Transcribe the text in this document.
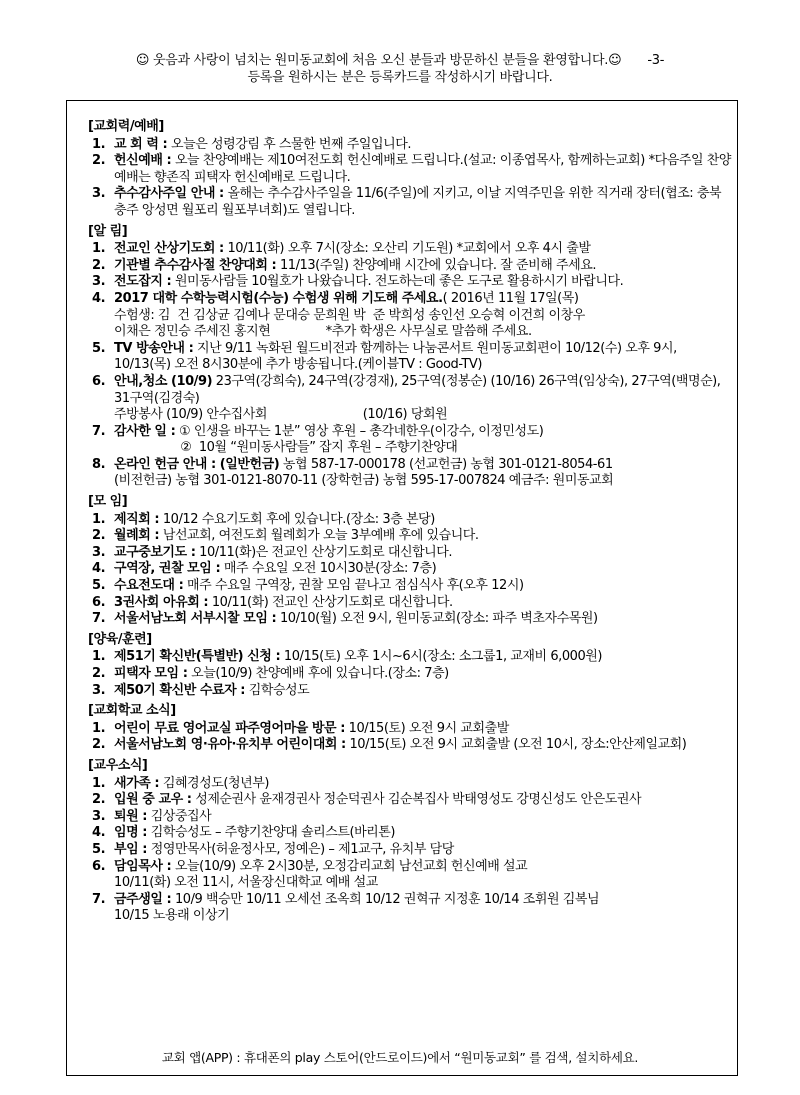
☺ 웃음과 사랑이 넘치는 원미동교회에 처음 오신 분들과 방문하신 분들을 환영합니다.☺ -3-
등록을 원하시는 분은 등록카드를 작성하시기 바랍니다.
[교회력/예배]
1. 교 회 력 : 오늘은 성령강림 후 스물한 번째 주일입니다.
2. 헌신예배 : 오늘 찬양예배는 제10여전도회 헌신예배로 드립니다.(설교: 이종엽목사, 함께하는교회) *다음주일 찬양예배는 향존직 피택자 헌신예배로 드립니다.
3. 추수감사주일 안내 : 올해는 추수감사주일을 11/6(주일)에 지키고, 이날 지역주민을 위한 직거래 장터(협조: 충북 충주 앙성면 월포리 월포부녀회)도 열립니다.
[알 림]
1. 전교인 산상기도회 : 10/11(화) 오후 7시(장소: 오산리 기도원) *교회에서 오후 4시 출발
2. 기관별 추수감사절 찬양대회 : 11/13(주일) 찬양예배 시간에 있습니다. 잘 준비해 주세요.
3. 전도잡지 : 원미동사람들 10월호가 나왔습니다. 전도하는데 좋은 도구로 활용하시기 바랍니다.
4. 2017 대학 수학능력시험(수능) 수험생 위해 기도해 주세요.( 2016년 11월 17일(목)
수험생: 김  건 김상균 김예나 문대승 문희원 박  준 박희성 송인선 오승혁 이건희 이창우
이채은 정민승 주세진 홍지현               *추가 학생은 사무실로 말씀해 주세요.
5. TV 방송안내 : 지난 9/11 녹화된 월드비전과 함께하는 나눔콘서트 원미동교회편이 10/12(수) 오후 9시, 10/13(목) 오전 8시30분에 추가 방송됩니다.(케이블TV : Good-TV)
6. 안내,청소 (10/9) 23구역(강희숙), 24구역(강경재), 25구역(정봉순) (10/16) 26구역(임상숙), 27구역(백명순), 31구역(김경숙)
주방봉사 (10/9) 안수집사회                          (10/16) 당회원
7. 감사한 일 : ① 인생을 바꾸는 1분” 영상 후원 – 총각네한우(이강수, 이정민성도)
②  10월 “원미동사람들” 잡지 후원 – 주향기찬양대
8. 온라인 헌금 안내 : (일반헌금) 농협 587-17-000178 (선교헌금) 농협 301-0121-8054-61
(비전헌금) 농협 301-0121-8070-11 (장학헌금) 농협 595-17-007824 예금주: 원미동교회
[모 임]
1. 제직회 : 10/12 수요기도회 후에 있습니다.(장소: 3층 본당)
2. 월례회 : 남선교회, 여전도회 월례회가 오늘 3부예배 후에 있습니다.
3. 교구중보기도 : 10/11(화)은 전교인 산상기도회로 대신합니다.
4. 구역장, 권찰 모임 : 매주 수요일 오전 10시30분(장소: 7층)
5. 수요전도대 : 매주 수요일 구역장, 권찰 모임 끝나고 점심식사 후(오후 12시)
6. 3권사회 아유회 : 10/11(화) 전교인 산상기도회로 대신합니다.
7. 서울서남노회 서부시찰 모임 : 10/10(월) 오전 9시, 원미동교회(장소: 파주 벽초자수목원)
[양육/훈련]
1. 제51기 확신반(특별반) 신청 : 10/15(토) 오후 1시~6시(장소: 소그룹1, 교재비 6,000원)
2. 피택자 모임 : 오늘(10/9) 찬양예배 후에 있습니다.(장소: 7층)
3. 제50기 확신반 수료자 : 김학승성도
[교회학교 소식]
1. 어린이 무료 영어교실 파주영어마을 방문 : 10/15(토) 오전 9시 교회출발
2. 서울서남노회 영·유아·유치부 어린이대회 : 10/15(토) 오전 9시 교회출발 (오전 10시, 장소:안산제일교회)
[교우소식]
1. 새가족 : 김혜경성도(청년부)
2. 입원 중 교우 : 성제순권사 윤재경권사 정순덕권사 김순복집사 박태영성도 강명신성도 안은도권사
3. 퇴원 : 김상중집사
4. 임명 : 김학승성도 – 주향기찬양대 솔리스트(바리톤)
5. 부임 : 정영만목사(허윤정사모, 정예은) – 제1교구, 유치부 담당
6. 담임목사 : 오늘(10/9) 오후 2시30분, 오정감리교회 남선교회 헌신예배 설교
10/11(화) 오전 11시, 서울장신대학교 예배 설교
7. 금주생일 : 10/9 백승만 10/11 오세선 조옥희 10/12 권혁규 지정훈 10/14 조휘원 김복님
10/15 노용래 이상기
교회 앱(APP) : 휴대폰의 play 스토어(안드로이드)에서 “원미동교회” 를 검색, 설치하세요.
